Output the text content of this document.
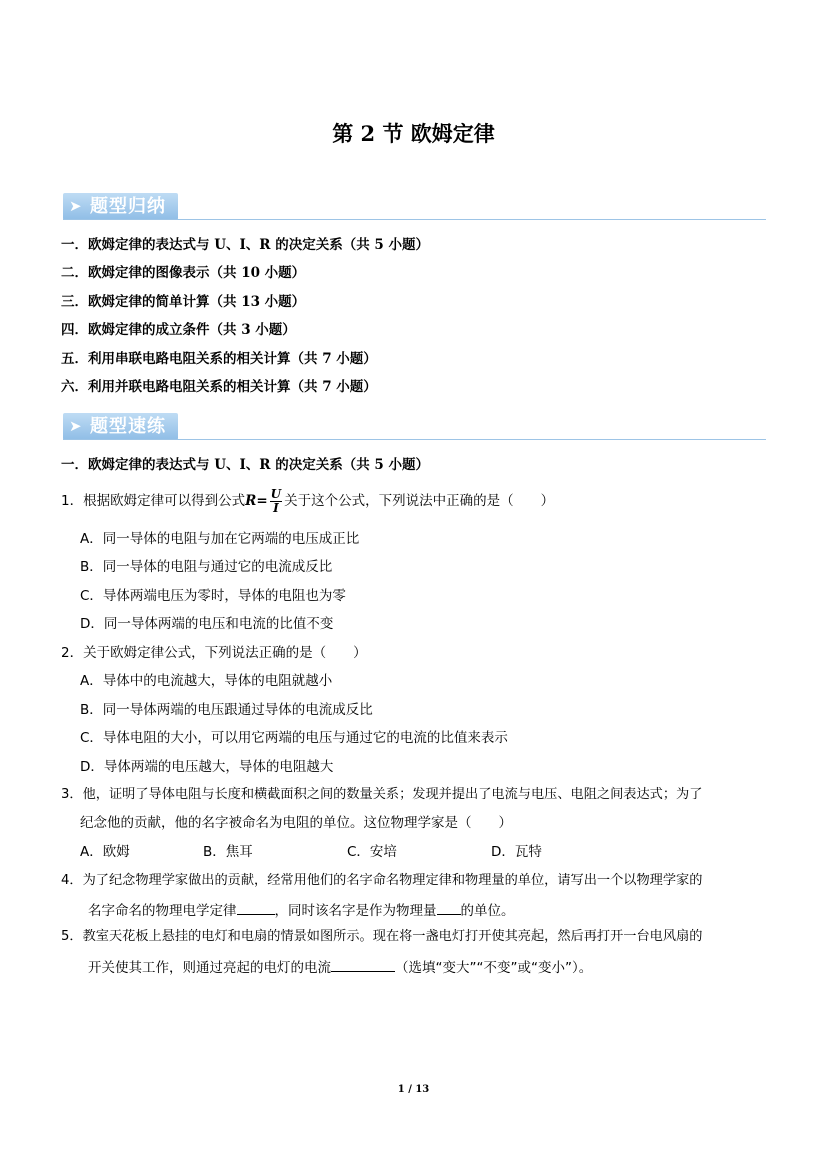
第 2 节 欧姆定律
➤ 题型归纳
一．欧姆定律的表达式与 U、I、R 的决定关系（共 5 小题）
二．欧姆定律的图像表示（共 10 小题）
三．欧姆定律的简单计算（共 13 小题）
四．欧姆定律的成立条件（共 3 小题）
五．利用串联电路电阻关系的相关计算（共 7 小题）
六．利用并联电路电阻关系的相关计算（共 7 小题）
➤ 题型速练
一．欧姆定律的表达式与 U、I、R 的决定关系（共 5 小题）
1．根据欧姆定律可以得到公式$R= \frac{U}{I}$ 关于这个公式，下列说法中正确的是（　　）
A．同一导体的电阻与加在它两端的电压成正比
B．同一导体的电阻与通过它的电流成反比
C．导体两端电压为零时，导体的电阻也为零
D．同一导体两端的电压和电流的比值不变
2．关于欧姆定律公式，下列说法正确的是（　　）
A．导体中的电流越大，导体的电阻就越小
B．同一导体两端的电压跟通过导体的电流成反比
C．导体电阻的大小，可以用它两端的电压与通过它的电流的比值来表示
D．导体两端的电压越大，导体的电阻越大
3．他，证明了导体电阻与长度和横截面积之间的数量关系；发现并提出了电流与电压、电阻之间表达式；为了
纪念他的贡献，他的名字被命名为电阻的单位。这位物理学家是（　　）
A．欧姆	B．焦耳	C．安培	D．瓦特
4．为了纪念物理学家做出的贡献，经常用他们的名字命名物理定律和物理量的单位，请写出一个以物理学家的
名字命名的物理电学定律	，同时该名字是作为物理量 的单位。
5．教室天花板上悬挂的电灯和电扇的情景如图所示。现在将一盏电灯打开使其亮起，然后再打开一台电风扇的
开关使其工作，则通过亮起的电灯的电流	（选填“变大”“不变”或“变小”）。
1 / 13
